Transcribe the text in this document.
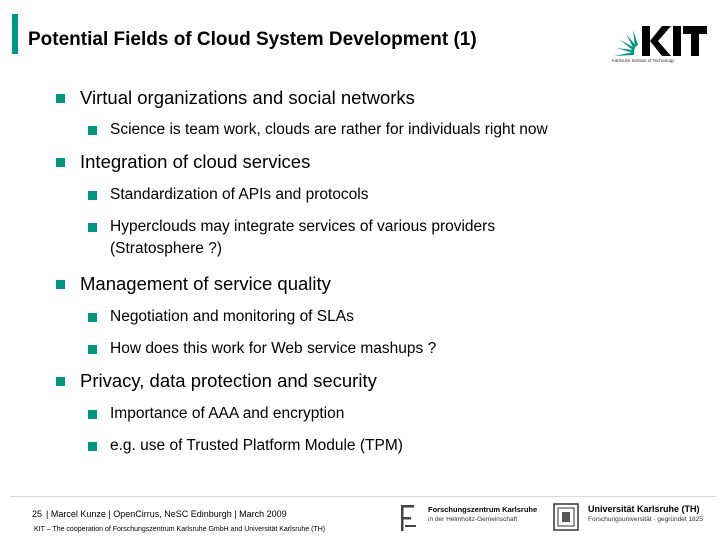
Potential Fields of Cloud System Development (1)
Karlsruhe Institute of Technology
Virtual organizations and social networks
Science is team work, clouds are rather for individuals right now
Integration of cloud services
Standardization of APIs and protocols
Hyperclouds may integrate services of various providers
(Stratosphere ?)
Management of service quality
Negotiation and monitoring of SLAs
How does this work for Web service mashups ?
Privacy, data protection and security
Importance of AAA and encryption
e.g. use of Trusted Platform Module (TPM)
25 | Marcel Kunze | OpenCirrus, NeSC Edinburgh | March 2009
KIT – The cooperation of Forschungszentrum Karlsruhe GmbH and Universität Karlsruhe (TH)
Forschungszentrum Karlsruhe
in der Helmholtz-Gemeinschaft
Universität Karlsruhe (TH)
Forschungsuniversität · gegründet 1825
